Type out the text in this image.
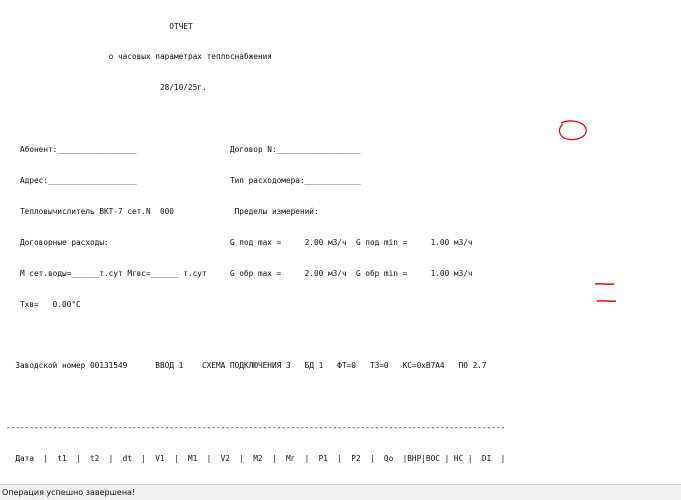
ОТЧЕТ

о часовых параметрах теплоснабжения

28/10/25г.

Абонент:_________________                    Договор N:__________________

Адрес:___________________                    Тип расходомера:____________

Тепловычислитель ВКТ-7 сет.N  000             Пределы измерений:

Договорные расходы:                          G под max =     2.00 м3/ч  G под min =     1.00 м3/ч

М сет.воды=______т.сут Мгвс=______ т.сут     G обр max =     2.00 м3/ч  G обр min =     1.00 м3/ч

Тхв=   0.00°C

Заводской номер 00131549      ВВОД 1    СХЕМА ПОДКЛЮЧЕНИЯ 3   БД 1   ФТ=0   ТЗ=0   КС=0хВ7А4   ПО 2.7

-----------------------------------------------------------------------------------------------------------

Дата  |  t1  |  t2  |  dt  |  V1  |  M1  |  V2  |  M2  |  Мг  |  P1  |  P2  |  Qo  |ВНР|ВОС | НС |  DI  |

Операция успешно завершена!
